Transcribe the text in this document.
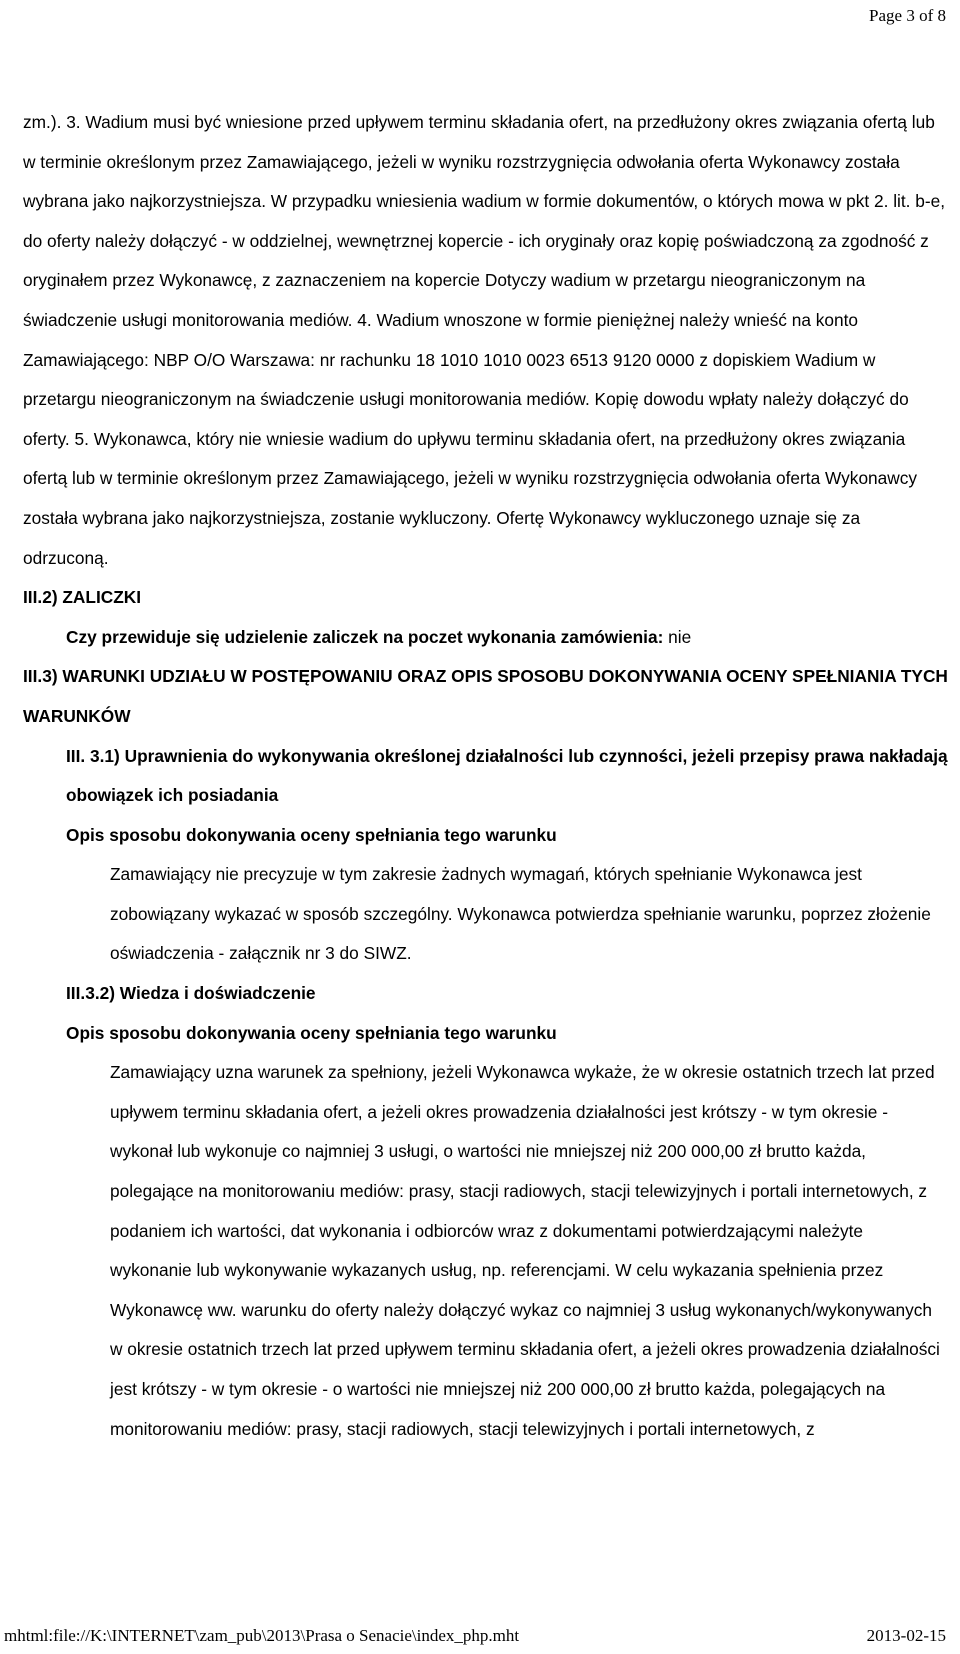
Page 3 of 8

zm.). 3. Wadium musi być wniesione przed upływem terminu składania ofert, na przedłużony okres związania ofertą lub w terminie określonym przez Zamawiającego, jeżeli w wyniku rozstrzygnięcia odwołania oferta Wykonawcy została wybrana jako najkorzystniejsza. W przypadku wniesienia wadium w formie dokumentów, o których mowa w pkt 2. lit. b-e, do oferty należy dołączyć - w oddzielnej, wewnętrznej kopercie - ich oryginały oraz kopię poświadczoną za zgodność z oryginałem przez Wykonawcę, z zaznaczeniem na kopercie Dotyczy wadium w przetargu nieograniczonym na świadczenie usługi monitorowania mediów. 4. Wadium wnoszone w formie pieniężnej należy wnieść na konto Zamawiającego: NBP O/O Warszawa: nr rachunku 18 1010 1010 0023 6513 9120 0000 z dopiskiem Wadium w przetargu nieograniczonym na świadczenie usługi monitorowania mediów. Kopię dowodu wpłaty należy dołączyć do oferty. 5. Wykonawca, który nie wniesie wadium do upływu terminu składania ofert, na przedłużony okres związania ofertą lub w terminie określonym przez Zamawiającego, jeżeli w wyniku rozstrzygnięcia odwołania oferta Wykonawcy została wybrana jako najkorzystniejsza, zostanie wykluczony. Ofertę Wykonawcy wykluczonego uznaje się za odrzuconą.

III.2) ZALICZKI

Czy przewiduje się udzielenie zaliczek na poczet wykonania zamówienia: nie

III.3) WARUNKI UDZIAŁU W POSTĘPOWANIU ORAZ OPIS SPOSOBU DOKONYWANIA OCENY SPEŁNIANIA TYCH WARUNKÓW

III. 3.1) Uprawnienia do wykonywania określonej działalności lub czynności, jeżeli przepisy prawa nakładają obowiązek ich posiadania

Opis sposobu dokonywania oceny spełniania tego warunku

Zamawiający nie precyzuje w tym zakresie żadnych wymagań, których spełnianie Wykonawca jest zobowiązany wykazać w sposób szczególny. Wykonawca potwierdza spełnianie warunku, poprzez złożenie oświadczenia - załącznik nr 3 do SIWZ.

III.3.2) Wiedza i doświadczenie

Opis sposobu dokonywania oceny spełniania tego warunku

Zamawiający uzna warunek za spełniony, jeżeli Wykonawca wykaże, że w okresie ostatnich trzech lat przed upływem terminu składania ofert, a jeżeli okres prowadzenia działalności jest krótszy - w tym okresie - wykonał lub wykonuje co najmniej 3 usługi, o wartości nie mniejszej niż 200 000,00 zł brutto każda, polegające na monitorowaniu mediów: prasy, stacji radiowych, stacji telewizyjnych i portali internetowych, z podaniem ich wartości, dat wykonania i odbiorców wraz z dokumentami potwierdzającymi należyte wykonanie lub wykonywanie wykazanych usług, np. referencjami. W celu wykazania spełnienia przez Wykonawcę ww. warunku do oferty należy dołączyć wykaz co najmniej 3 usług wykonanych/wykonywanych w okresie ostatnich trzech lat przed upływem terminu składania ofert, a jeżeli okres prowadzenia działalności jest krótszy - w tym okresie - o wartości nie mniejszej niż 200 000,00 zł brutto każda, polegających na monitorowaniu mediów: prasy, stacji radiowych, stacji telewizyjnych i portali internetowych, z

mhtml:file://K:\INTERNET\zam_pub\2013\Prasa o Senacie\index_php.mht	2013-02-15
